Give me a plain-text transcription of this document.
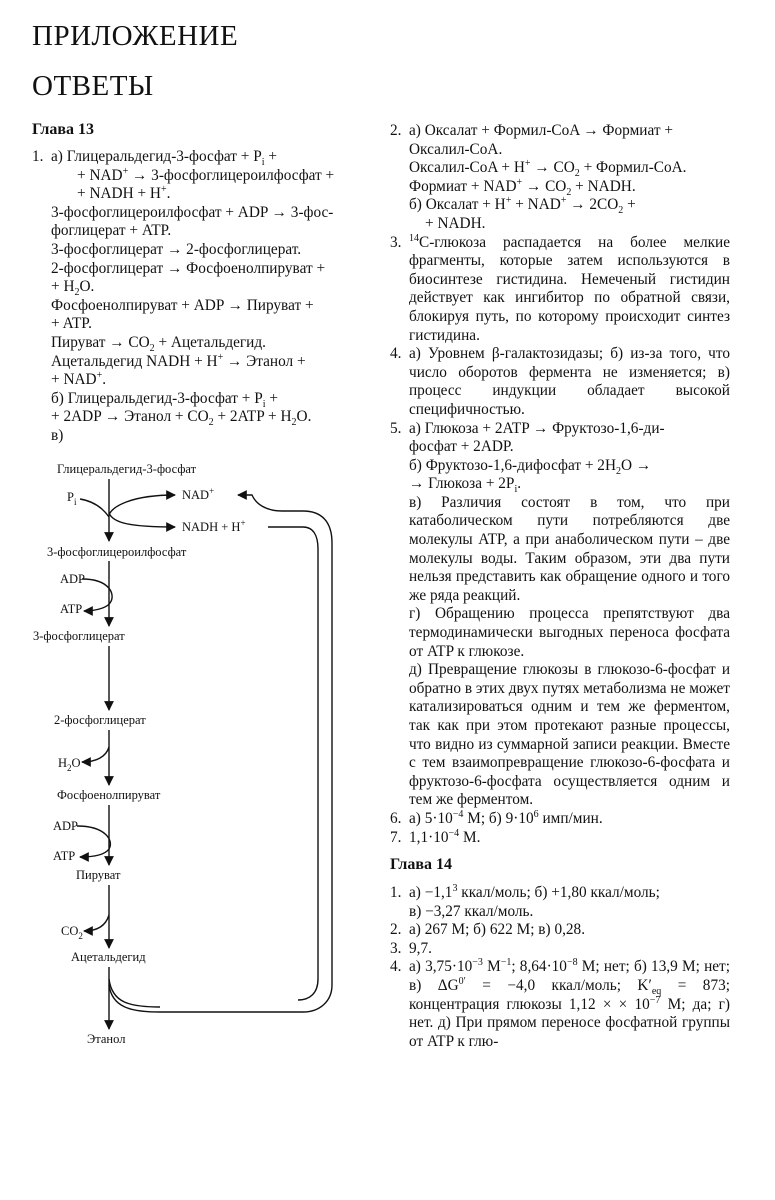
ПРИЛОЖЕНИЕ
ОТВЕТЫ
Глава 13
1. а) Глицеральдегид-3-фосфат + $P_i$ +

+ NAD+ → 3-фосфоглицероилфосфат +

+ NADH + H+.

3-фосфоглицероилфосфат + ADP → 3-фос-

фоглицерат + ATP.

3-фосфоглицерат → 2-фосфоглицерат.

2-фосфоглицерат → Фосфоенолпируват +

+ $H_2O$.

Фосфоенолпируват + ADP → Пируват +

+ ATP.

Пируват → $CO_2$ + Ацетальдегид.

Ацетальдегид NADH + H+ → Этанол +

+ NAD+.

б) Глицеральдегид-3-фосфат + $P_i$ +

+ 2ADP → Этанол + $CO_2 + 2ATP + H_2O$.

в)

Глицеральдегид-3-фосфат
$P_i$	NAD+
NADH + H+
3-фосфоглицероилфосфат
ADP
ATP
3-фосфоглицерат
2-фосфоглицерат
$H_2O$
Фосфоенолпируват
ADP
ATP
Пируват
$CO_2$
Ацетальдегид
Этанол
2. а) Оксалат + Формил-CoA → Формиат +

Оксалил-CoA.

Оксалил-CoA + $H^+ \to CO_2$ + Формил-CoA.

Формиат + $NAD^+ \to CO_2$ + NADH.

б) Оксалат + $H^+ + NAD^+ \to 2CO_2$ +

+ NADH.

3. $^{14}$C-глюкоза распадается на более мелкие фрагменты, которые затем используются в биосинтезе гистидина. Немеченый гистидин действует как ингибитор по обратной связи, блокируя путь, по которому происходит синтез гистидина.

4. а) Уровнем β-галактозидазы; б) из-за того, что число оборотов фермента не изменяется; в) процесс индукции обладает высокой специфичностью.

5. а) Глюкоза + 2ATP → Фруктозо-1,6-ди-

фосфат + 2ADP.

б) Фруктозо-1,6-дифосфат + $2H_2O$ →

→ Глюкоза + $2P_i$.

в) Различия состоят в том, что при катаболическом пути потребляются две молекулы ATP, а при анаболическом пути – две молекулы воды. Таким образом, эти два пути нельзя представить как обращение одного и того же ряда реакций.

г) Обращению процесса препятствуют два термодинамически выгодных переноса фосфата от ATP к глюкозе.

д) Превращение глюкозы в глюкозо-6-фосфат и обратно в этих двух путях метаболизма не может катализироваться одним и тем же ферментом, так как при этом протекают разные процессы, что видно из суммарной записи реакции. Вместе с тем взаимопревращение глюкозо-6-фосфата и фруктозо-6-фосфата осуществляется одним и тем же ферментом.

6. а) $5\cdot 10^{-4}$ М; б) $9\cdot 10^6$ имп/мин.

7. $1,1\cdot 10^{-4}$ М.

Глава 14
1. $а) -1,1^3$ ккал/моль; б) +1,80 ккал/моль;

в) −3,27 ккал/моль.

2. а) 267 М; б) 622 М; в) 0,28.

3. 9,7.

4. а) $3,75\cdot 10^{-3}$ $М^{-1}$; $8,64\cdot 10^{-8}$ М; нет; б) 13,9 М; нет; в) $\Delta G^{0'} = -4,0$ ккал/моль; $K'_{eq} = 873$; концентрация глюкозы 1,12 × × $10^{-7}$ М; да; г) нет. д) При прямом переносе фосфатной группы от ATP к глю-
